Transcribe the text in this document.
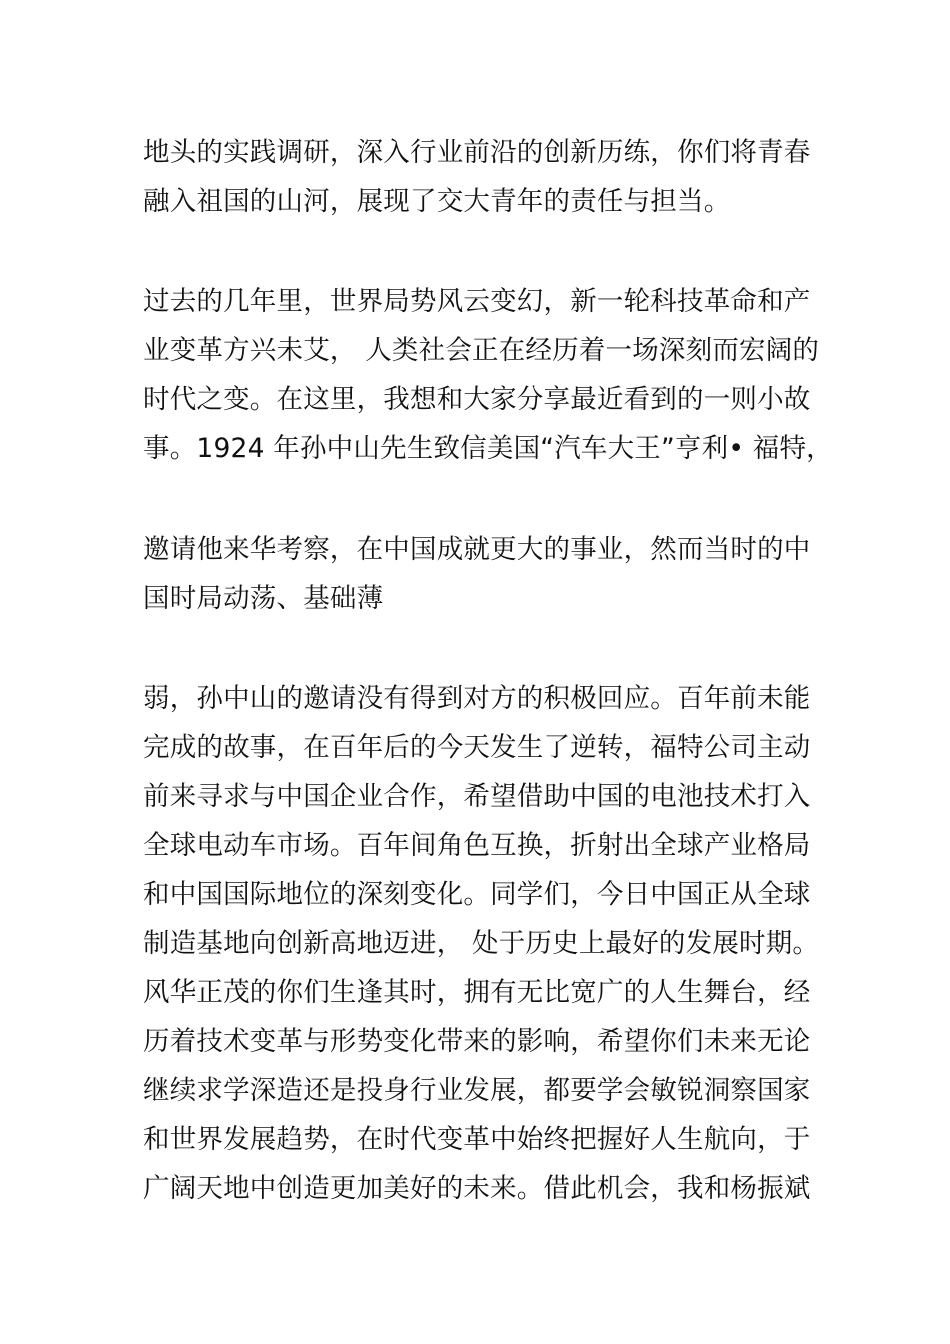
地头的实践调研，深入行业前沿的创新历练，你们将青春
融入祖国的山河，展现了交大青年的责任与担当。
过去的几年里，世界局势风云变幻，新一轮科技革命和产
业变革方兴未艾， 人类社会正在经历着一场深刻而宏阔的
时代之变。在这里，我想和大家分享最近看到的一则小故
事。1924 年孙中山先生致信美国“汽车大王”亨利• 福特，
邀请他来华考察，在中国成就更大的事业，然而当时的中
国时局动荡、基础薄
弱，孙中山的邀请没有得到对方的积极回应。百年前未能
完成的故事，在百年后的今天发生了逆转，福特公司主动
前来寻求与中国企业合作，希望借助中国的电池技术打入
全球电动车市场。百年间角色互换，折射出全球产业格局
和中国国际地位的深刻变化。同学们，今日中国正从全球
制造基地向创新高地迈进， 处于历史上最好的发展时期。
风华正茂的你们生逢其时，拥有无比宽广的人生舞台，经
历着技术变革与形势变化带来的影响，希望你们未来无论
继续求学深造还是投身行业发展，都要学会敏锐洞察国家
和世界发展趋势，在时代变革中始终把握好人生航向，于
广阔天地中创造更加美好的未来。借此机会，我和杨振斌
